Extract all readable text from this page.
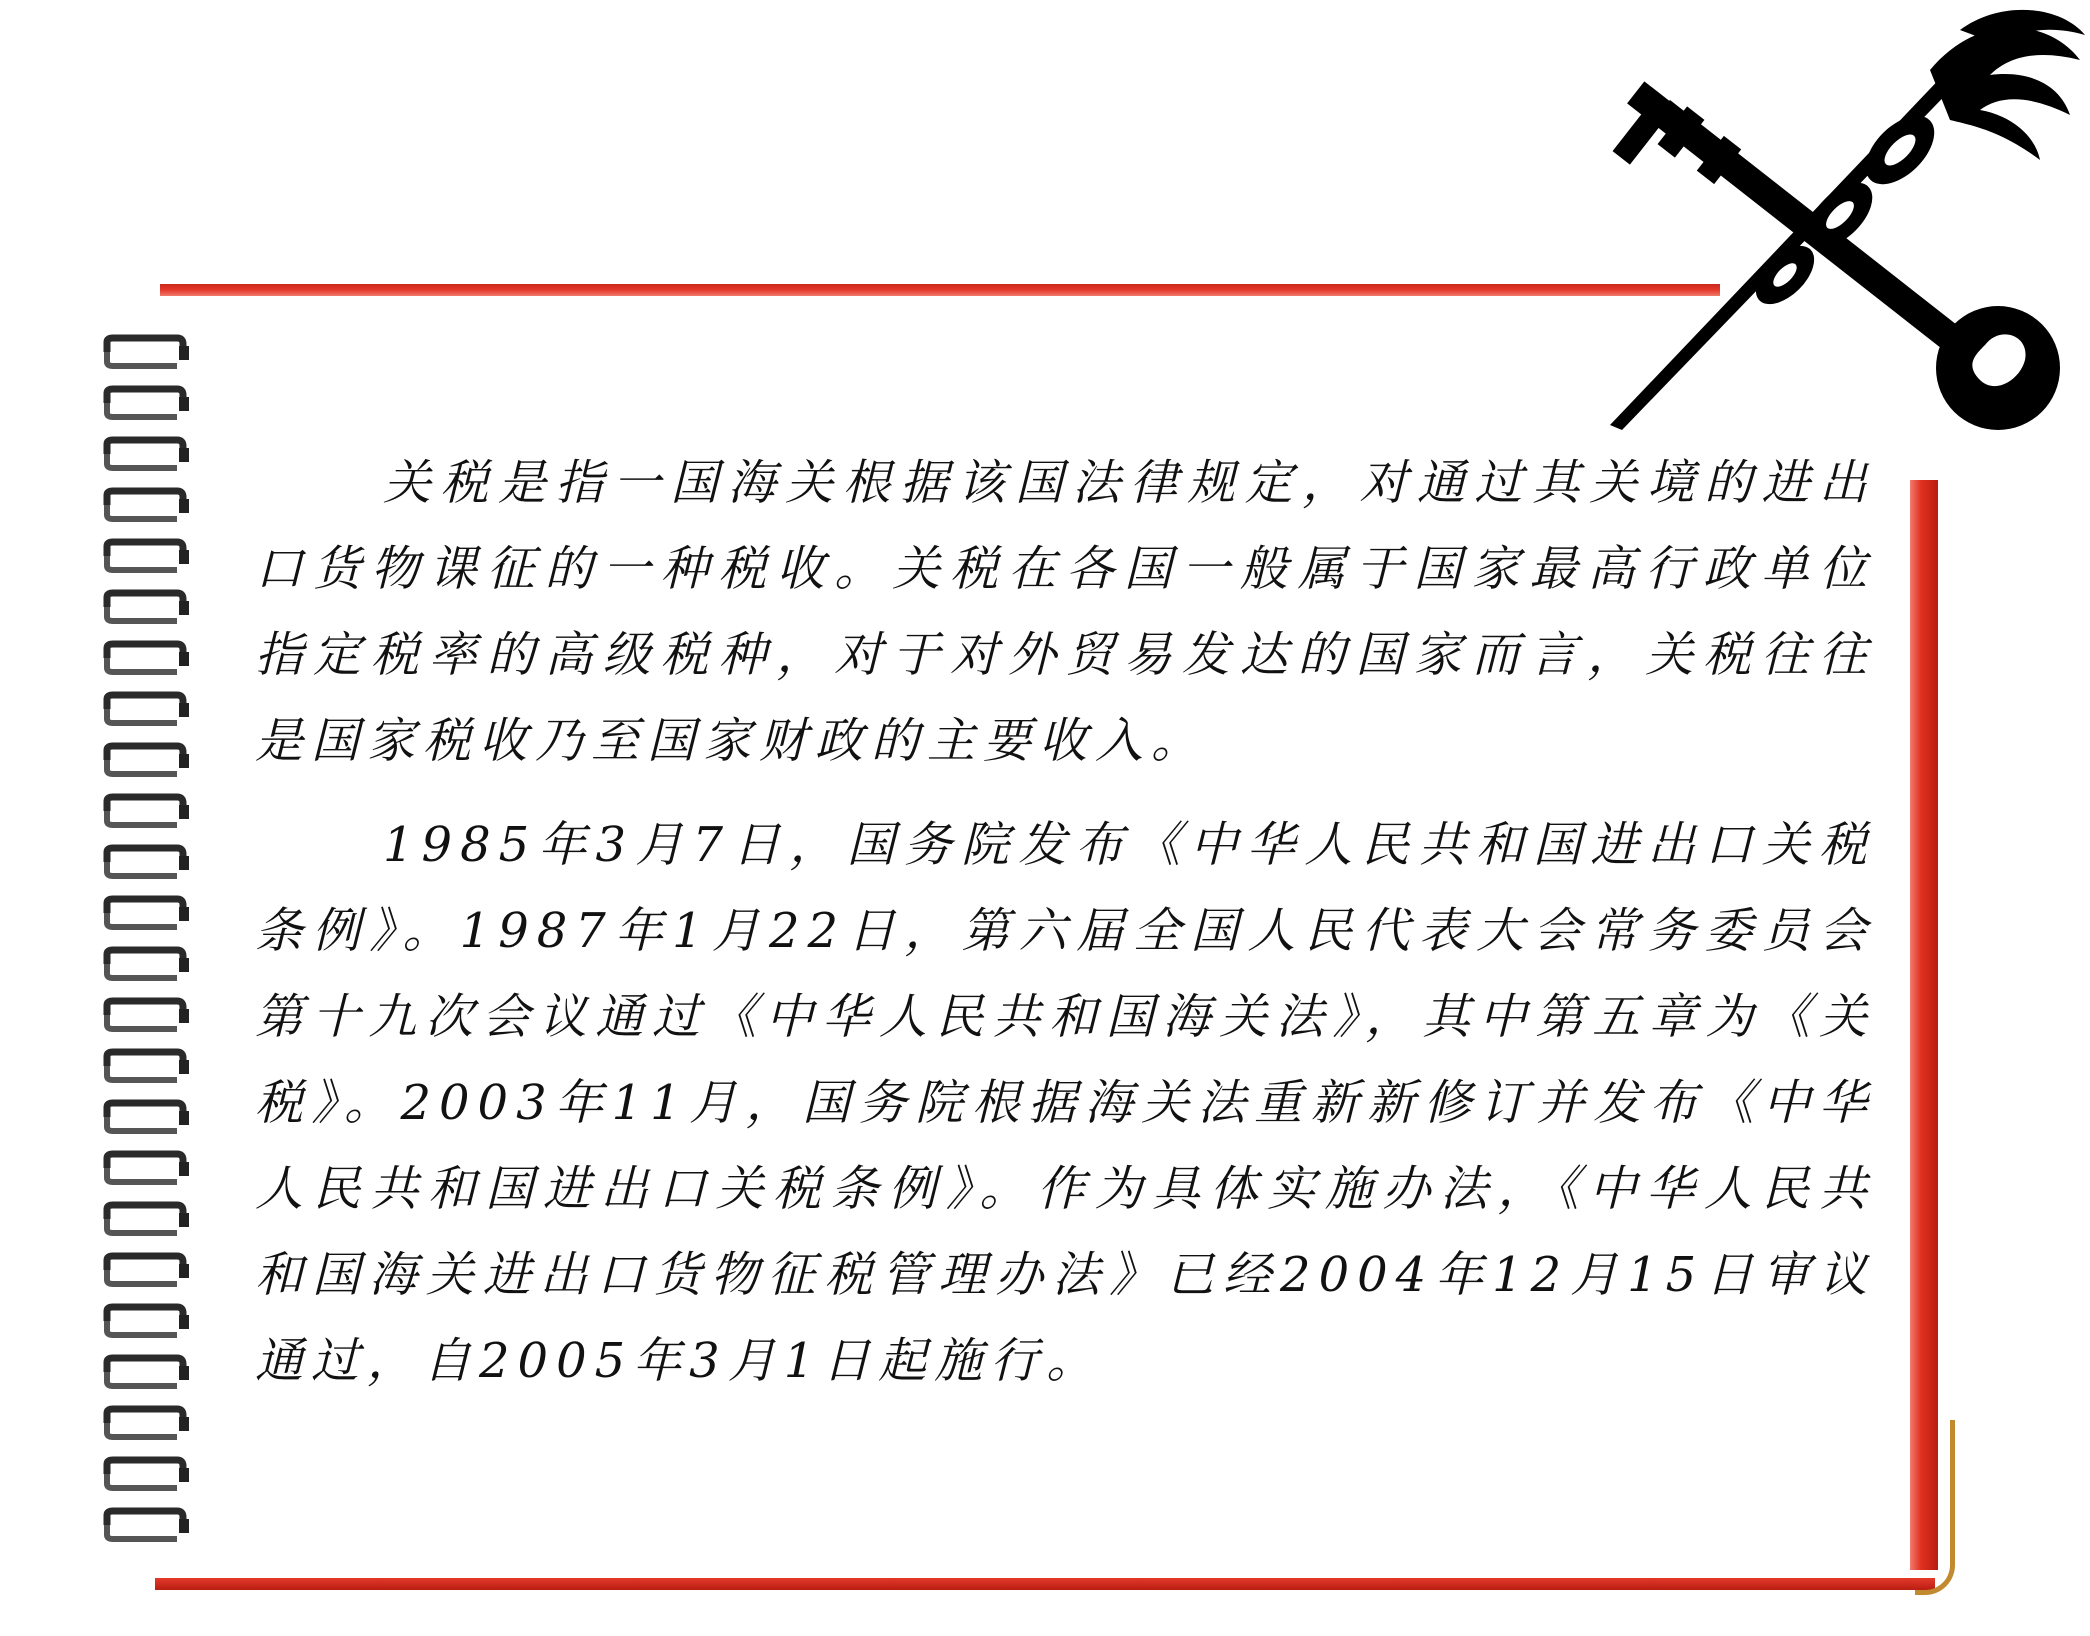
关税是指一国海关根据该国法律规定，对通过其关境的进出口货物课征的一种税收。关税在各国一般属于国家最高行政单位指定税率的高级税种，对于对外贸易发达的国家而言，关税往往是国家税收乃至国家财政的主要收入。

1985年3月7日，国务院发布《中华人民共和国进出口关税条例》。1987年1月22日，第六届全国人民代表大会常务委员会第十九次会议通过《中华人民共和国海关法》，其中第五章为《关税》。2003年11月，国务院根据海关法重新新修订并发布《中华人民共和国进出口关税条例》。作为具体实施办法，《中华人民共和国海关进出口货物征税管理办法》已经2004年12月15日审议通过，自2005年3月1日起施行。
